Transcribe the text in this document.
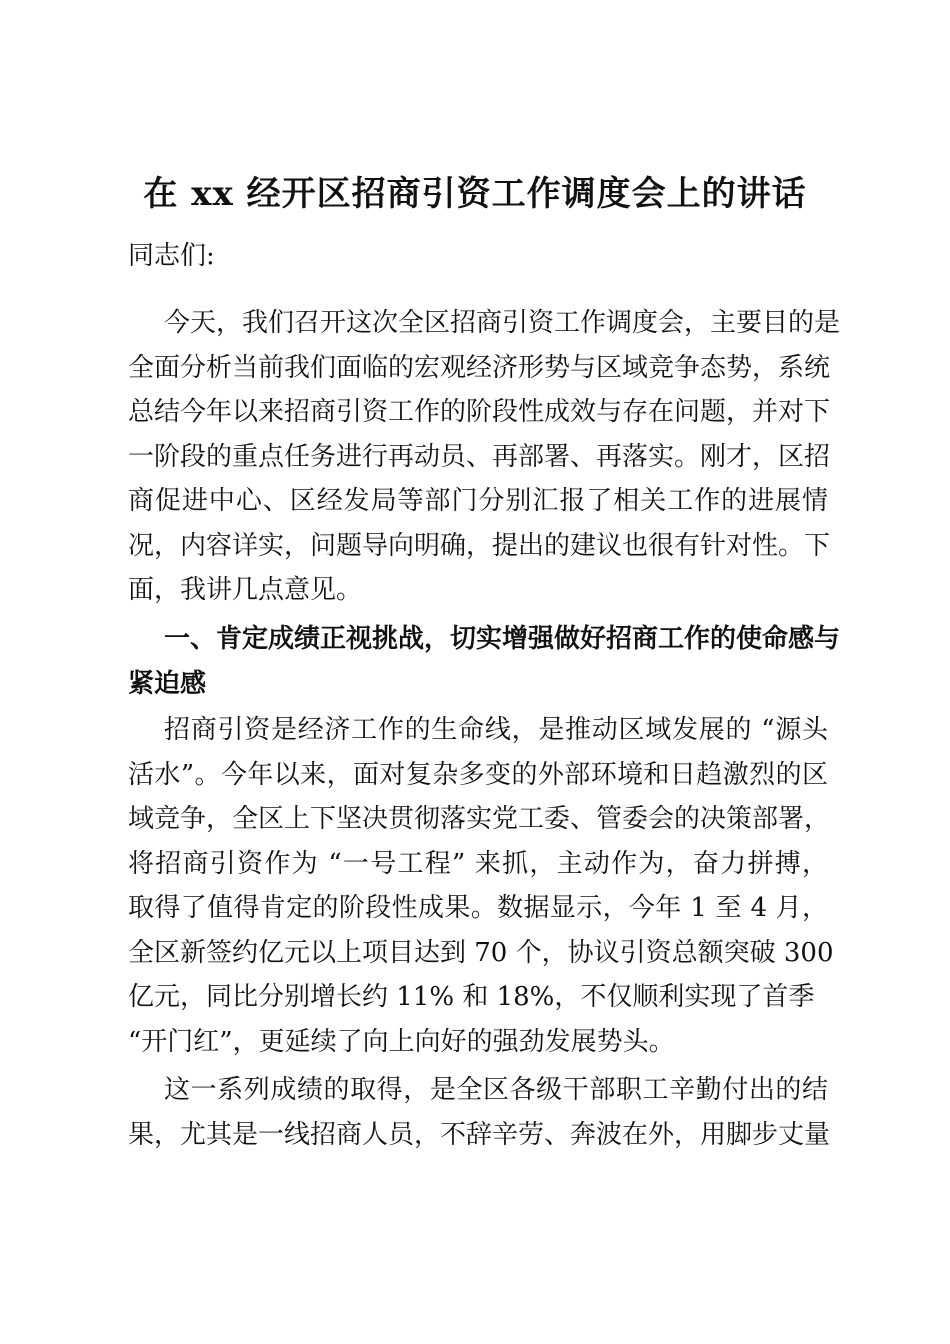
在 xx 经开区招商引资工作调度会上的讲话
同志们:
今天，我们召开这次全区招商引资工作调度会，主要目的是
全面分析当前我们面临的宏观经济形势与区域竞争态势，系统
总结今年以来招商引资工作的阶段性成效与存在问题，并对下
一阶段的重点任务进行再动员、再部署、再落实。刚才，区招
商促进中心、区经发局等部门分别汇报了相关工作的进展情
况，内容详实，问题导向明确，提出的建议也很有针对性。下
面，我讲几点意见。
一、肯定成绩正视挑战，切实增强做好招商工作的使命感与
紧迫感
招商引资是经济工作的生命线，是推动区域发展的 “源头
活水”。今年以来，面对复杂多变的外部环境和日趋激烈的区
域竞争，全区上下坚决贯彻落实党工委、管委会的决策部署，
将招商引资作为 “一号工程” 来抓，主动作为，奋力拼搏，
取得了值得肯定的阶段性成果。数据显示，今年 1 至 4 月，
全区新签约亿元以上项目达到 70 个，协议引资总额突破 300
亿元，同比分别增长约 11% 和 18%，不仅顺利实现了首季
“开门红”，更延续了向上向好的强劲发展势头。
这一系列成绩的取得，是全区各级干部职工辛勤付出的结
果，尤其是一线招商人员，不辞辛劳、奔波在外，用脚步丈量
